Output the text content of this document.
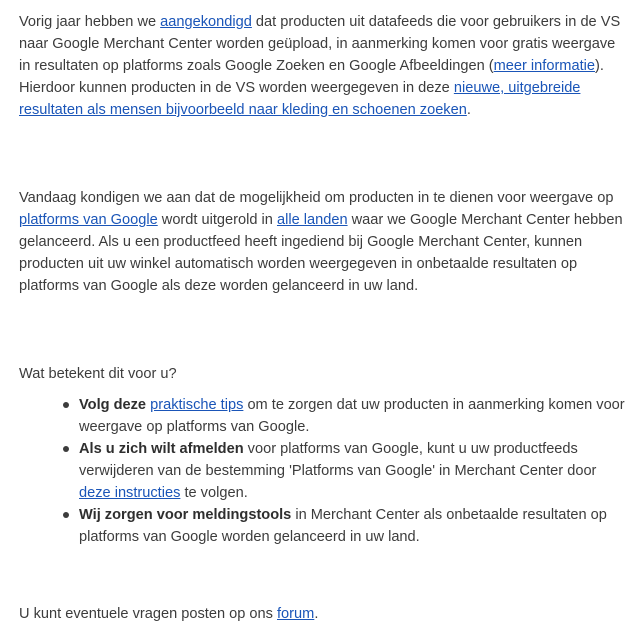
Vorig jaar hebben we aangekondigd dat producten uit datafeeds die voor gebruikers in de VS naar Google Merchant Center worden geüpload, in aanmerking komen voor gratis weergave in resultaten op platforms zoals Google Zoeken en Google Afbeeldingen (meer informatie). Hierdoor kunnen producten in de VS worden weergegeven in deze nieuwe, uitgebreide resultaten als mensen bijvoorbeeld naar kleding en schoenen zoeken.

Vandaag kondigen we aan dat de mogelijkheid om producten in te dienen voor weergave op platforms van Google wordt uitgerold in alle landen waar we Google Merchant Center hebben gelanceerd. Als u een productfeed heeft ingediend bij Google Merchant Center, kunnen producten uit uw winkel automatisch worden weergegeven in onbetaalde resultaten op platforms van Google als deze worden gelanceerd in uw land.

Wat betekent dit voor u?

Volg deze praktische tips om te zorgen dat uw producten in aanmerking komen voor weergave op platforms van Google.
Als u zich wilt afmelden voor platforms van Google, kunt u uw productfeeds verwijderen van de bestemming 'Platforms van Google' in Merchant Center door deze instructies te volgen.
Wij zorgen voor meldingstools in Merchant Center als onbetaalde resultaten op platforms van Google worden gelanceerd in uw land.

U kunt eventuele vragen posten op ons forum.
